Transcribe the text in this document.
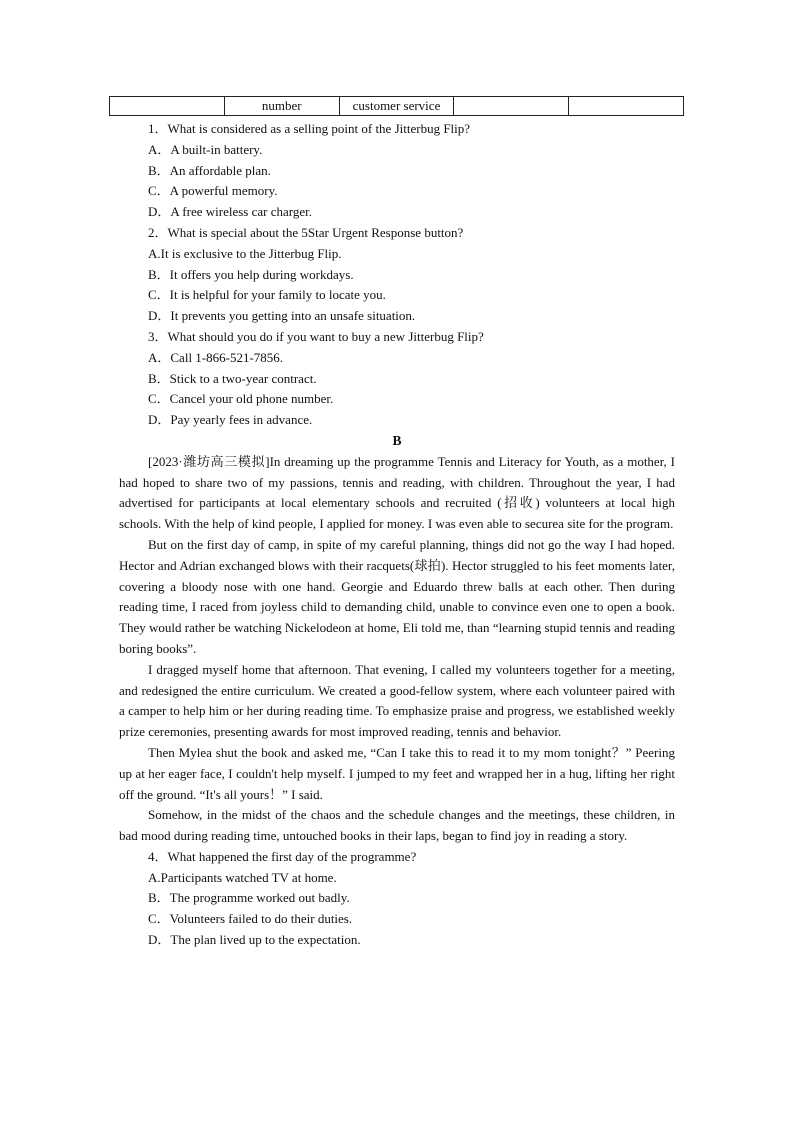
number	customer service

1．What is considered as a selling point of the Jitterbug Flip?

A．A built-in battery.

B．An affordable plan.

C．A powerful memory.

D．A free wireless car charger.

2．What is special about the 5Star Urgent Response button?

A.It is exclusive to the Jitterbug Flip.

B．It offers you help during workdays.

C．It is helpful for your family to locate you.

D．It prevents you getting into an unsafe situation.

3．What should you do if you want to buy a new Jitterbug Flip?

A．Call 1-866-521-7856.

B．Stick to a two-year contract.

C．Cancel your old phone number.

D．Pay yearly fees in advance.

B

[2023·潍坊高三模拟]In dreaming up the programme Tennis and Literacy for Youth, as a mother, I had hoped to share two of my passions, tennis and reading, with children. Throughout the year, I had advertised for participants at local elementary schools and recruited (招收) volunteers at local high schools. With the help of kind people, I applied for money. I was even able to securea site for the program.

But on the first day of camp, in spite of my careful planning, things did not go the way I had hoped. Hector and Adrian exchanged blows with their racquets(球拍). Hector struggled to his feet moments later, covering a bloody nose with one hand. Georgie and Eduardo threw balls at each other. Then during reading time, I raced from joyless child to demanding child, unable to convince even one to open a book. They would rather be watching Nickelodeon at home, Eli told me, than “learning stupid tennis and reading boring books”.

I dragged myself home that afternoon. That evening, I called my volunteers together for a meeting, and redesigned the entire curriculum. We created a good-fellow system, where each volunteer paired with a camper to help him or her during reading time. To emphasize praise and progress, we established weekly prize ceremonies, presenting awards for most improved reading, tennis and behavior.

Then Mylea shut the book and asked me, “Can I take this to read it to my mom tonight？” Peering up at her eager face, I couldn't help myself. I jumped to my feet and wrapped her in a hug, lifting her right off the ground. “It's all yours！” I said.

Somehow, in the midst of the chaos and the schedule changes and the meetings, these children, in bad mood during reading time, untouched books in their laps, began to find joy in reading a story.

4．What happened the first day of the programme?

A.Participants watched TV at home.

B．The programme worked out badly.

C．Volunteers failed to do their duties.

D．The plan lived up to the expectation.
